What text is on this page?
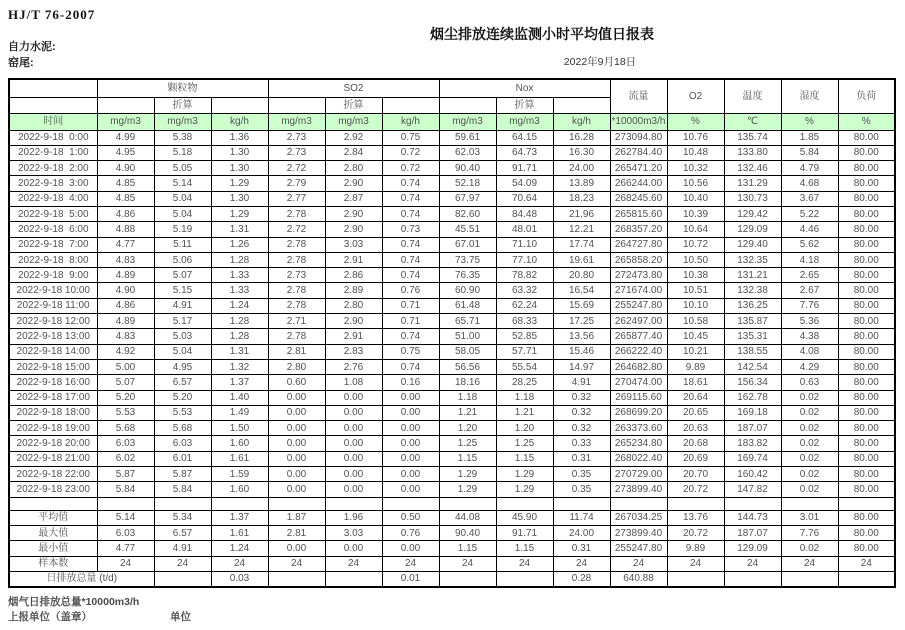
HJ/T 76-2007
烟尘排放连续监测小时平均值日报表
自力水泥:
窑尾:	2022年9月18日
	颗粒物			SO2			Nox			流量	O2	温度	湿度	负荷
		折算			折算			折算						
时间	mg/m3	mg/m3	kg/h	mg/m3	mg/m3	kg/h	mg/m3	mg/m3	kg/h	*10000m3/h	%	℃	%	%
2022-9-18  0:00	4.99	5.38	1.36	2.73	2.92	0.75	59.61	64.15	16.28	273094.80	10.76	135.74	1.85	80.00
2022-9-18  1:00	4.95	5.18	1.30	2.73	2.84	0.72	62.03	64.73	16.30	262784.40	10.48	133.80	5.84	80.00
2022-9-18  2:00	4.90	5.05	1.30	2.72	2.80	0.72	90.40	91.71	24.00	265471.20	10.32	132.46	4.79	80.00
2022-9-18  3:00	4.85	5.14	1.29	2.79	2.90	0.74	52.18	54.09	13.89	266244.00	10.56	131.29	4.68	80.00
2022-9-18  4:00	4.85	5.04	1.30	2.77	2.87	0.74	67.97	70.64	18.23	268245.60	10.40	130.73	3.67	80.00
2022-9-18  5:00	4.86	5.04	1.29	2.78	2.90	0.74	82.60	84.48	21.96	265815.60	10.39	129.42	5.22	80.00
2022-9-18  6:00	4.88	5.19	1.31	2.72	2.90	0.73	45.51	48.01	12.21	268357.20	10.64	129.09	4.46	80.00
2022-9-18  7:00	4.77	5.11	1.26	2.78	3.03	0.74	67.01	71.10	17.74	264727.80	10.72	129.40	5.62	80.00
2022-9-18  8:00	4.83	5.06	1.28	2.78	2.91	0.74	73.75	77.10	19.61	265858.20	10.50	132.35	4.18	80.00
2022-9-18  9:00	4.89	5.07	1.33	2.73	2.86	0.74	76.35	78.82	20.80	272473.80	10.38	131.21	2.65	80.00
2022-9-18 10:00	4.90	5.15	1.33	2.78	2.89	0.76	60.90	63.32	16.54	271674.00	10.51	132.38	2.67	80.00
2022-9-18 11:00	4.86	4.91	1.24	2.78	2.80	0.71	61.48	62.24	15.69	255247.80	10.10	136.25	7.76	80.00
2022-9-18 12:00	4.89	5.17	1.28	2.71	2.90	0.71	65.71	68.33	17.25	262497.00	10.58	135.87	5.36	80.00
2022-9-18 13:00	4.83	5.03	1.28	2.78	2.91	0.74	51.00	52.85	13.56	265877.40	10.45	135.31	4.38	80.00
2022-9-18 14:00	4.92	5.04	1.31	2.81	2.83	0.75	58.05	57.71	15.46	266222.40	10.21	138.55	4.08	80.00
2022-9-18 15:00	5.00	4.95	1.32	2.80	2.76	0.74	56.56	55.54	14.97	264682.80	9.89	142.54	4.29	80.00
2022-9-18 16:00	5.07	6.57	1.37	0.60	1.08	0.16	18.16	28.25	4.91	270474.00	18.61	156.34	0.63	80.00
2022-9-18 17:00	5.20	5.20	1.40	0.00	0.00	0.00	1.18	1.18	0.32	269115.60	20.64	162.78	0.02	80.00
2022-9-18 18:00	5.53	5.53	1.49	0.00	0.00	0.00	1.21	1.21	0.32	268699.20	20.65	169.18	0.02	80.00
2022-9-18 19:00	5.68	5.68	1.50	0.00	0.00	0.00	1.20	1.20	0.32	263373.60	20.63	187.07	0.02	80.00
2022-9-18 20:00	6.03	6.03	1.60	0.00	0.00	0.00	1.25	1.25	0.33	265234.80	20.68	183.82	0.02	80.00
2022-9-18 21:00	6.02	6.01	1.61	0.00	0.00	0.00	1.15	1.15	0.31	268022.40	20.69	169.74	0.02	80.00
2022-9-18 22:00	5.87	5.87	1.59	0.00	0.00	0.00	1.29	1.29	0.35	270729.00	20.70	160.42	0.02	80.00
2022-9-18 23:00	5.84	5.84	1.60	0.00	0.00	0.00	1.29	1.29	0.35	273899.40	20.72	147.82	0.02	80.00

平均值	5.14	5.34	1.37	1.87	1.96	0.50	44.08	45.90	11.74	267034.25	13.76	144.73	3.01	80.00
最大值	6.03	6.57	1.61	2.81	3.03	0.76	90.40	91.71	24.00	273899.40	20.72	187.07	7.76	80.00
最小值	4.77	4.91	1.24	0.00	0.00	0.00	1.15	1.15	0.31	255247.80	9.89	129.09	0.02	80.00
样本数	24	24	24	24	24	24	24	24	24	24	24	24	24	24
日排放总量 (t/d)			0.03			0.01			0.28	640.88				
烟气日排放总量*10000m3/h
上报单位（盖章）	单位
